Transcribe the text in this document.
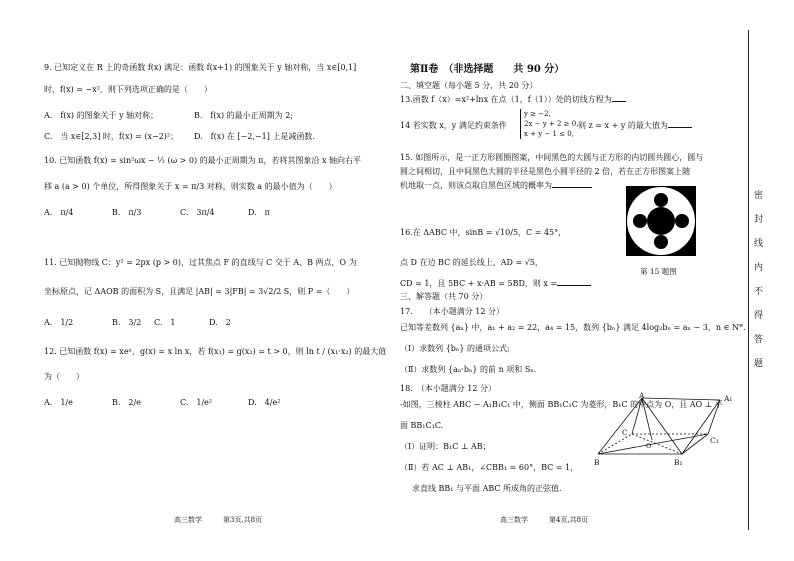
9. 已知定义在 R 上的奇函数 f(x) 满足：函数 f(x+1) 的图象关于 y 轴对称，当 x∈[0,1]
时，f(x) = −x²，则下列选项正确的是（　　）
A.　f(x) 的图象关于 y 轴对称；	B.　f(x) 的最小正周期为 2;
C.　当 x∈[2,3] 时，f(x) = (x−2)²； D.　f(x) 在 [−2,−1] 上是减函数.
10. 已知函数 f(x) = sin²ωx − ½ (ω > 0) 的最小正周期为 π，若将其图象沿 x 轴向右平
移 a (a > 0) 个单位，所得图象关于 x = π/3 对称，则实数 a 的最小值为（　　）
A.　π/4	B.　π/3	C.　3π/4	D.　π
11. 已知抛物线 C：y² = 2px (p > 0)，过其焦点 F 的直线与 C 交于 A、B 两点，O 为
坐标原点，记 ΔAOB 的面积为 S，且满足 |AB| = 3|FB| = 3√2/2 S，则 P =（　　）
A.　1/2	B.　3/2 C.　1	D.　2
12. 已知函数 f(x) = xeˣ，g(x) = x ln x，若 f(x₁) = g(x₂) = t > 0，则 ln t / (x₁·x₂) 的最大值
为（　　）
A.　1/e	B.　2/e	C.　1/e²	D.　4/e²
高三数学　　　第3页,共8页
第Ⅱ卷　（非选择题　　共 90 分）
二、填空题（每小题 5 分，共 20 分）
13.函数 f（x）=x²+lnx 在点（1，f（1））处的切线方程为
14 若实数 x，y 满足约束条件
y ≥ −2,
2x − y + 2 ≥ 0,
x + y − 1 ≤ 0,
则 z = x + y 的最大值为
15. 如图所示，是一正方形圆圈图案，中间黑色的大圆与正方形的内切圆共圆心，圆与
圆之间相切，且中间黑色大圆的半径是黑色小圆半径的 2 倍，若在正方形图案上随
机地取一点，则该点取自黑色区域的概率为
16.在 ΔABC 中，sinB = √10/5，C = 45°，
点 D 在边 BC 的延长线上，AD = √5，
CD = 1，且 5BC + x·AB = 5BD，则 x =
第 15 题图
三、解答题（共 70 分）
17.　　（本小题满分 12 分）
已知等差数列 {aₙ} 中，a₁ + a₂ = 22，a₄ = 15，数列 {bₙ} 满足 4log₂bₙ = aₙ − 3，n ∈ N*.
（Ⅰ）求数列 {bₙ} 的通项公式;
（Ⅱ）求数列 {aₙ·bₙ} 的前 n 项和 Sₙ.
18.　（本小题满分 12 分）
-如图，三棱柱 ABC − A₁B₁C₁ 中，侧面 BB₁C₁C 为菱形，B₁C 的中点为 O，且 AO ⊥ 平
面 BB₁C₁C.
（Ⅰ）证明：B₁C ⊥ AB；
（Ⅱ）若 AC ⊥ AB₁，∠CBB₁ = 60°，BC = 1，
求直线 BB₁ 与平面 ABC 所成角的正弦值.
A	A₁
C
C₁
O
B	B₁
高三数学　　　第4页,共8页
密
封
线
内
不
得
答
题
